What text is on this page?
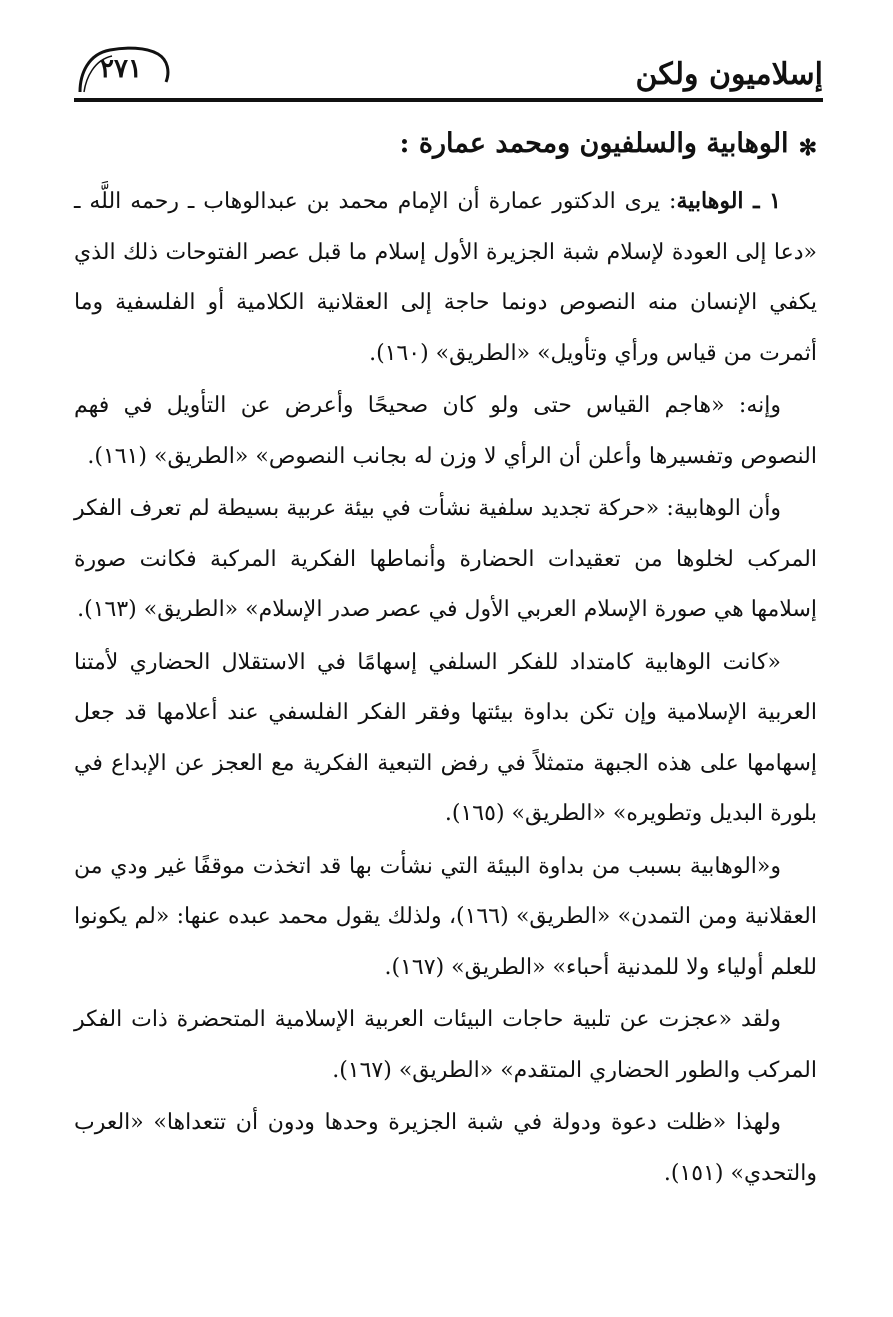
إسلاميون ولكن
٢٧١
✻
الوهابية والسلفيون ومحمد عمارة :

١ ـ الوهابية: يرى الدكتور عمارة أن الإمام محمد بن عبدالوهاب ـ رحمه اللَّه ـ «دعا إلى العودة لإسلام شبة الجزيرة الأول إسلام ما قبل عصر الفتوحات ذلك الذي يكفي الإنسان منه النصوص دونما حاجة إلى العقلانية الكلامية أو الفلسفية وما أثمرت من قياس ورأي وتأويل» «الطريق» (١٦٠).

وإنه: «هاجم القياس حتى ولو كان صحيحًا وأعرض عن التأويل في فهم النصوص وتفسيرها وأعلن أن الرأي لا وزن له بجانب النصوص» «الطريق» (١٦١).

وأن الوهابية: «حركة تجديد سلفية نشأت في بيئة عربية بسيطة لم تعرف الفكر المركب لخلوها من تعقيدات الحضارة وأنماطها الفكرية المركبة فكانت صورة إسلامها هي صورة الإسلام العربي الأول في عصر صدر الإسلام» «الطريق» (١٦٣).

«كانت الوهابية كامتداد للفكر السلفي إسهامًا في الاستقلال الحضاري لأمتنا العربية الإسلامية وإن تكن بداوة بيئتها وفقر الفكر الفلسفي عند أعلامها قد جعل إسهامها على هذه الجبهة متمثلاً في رفض التبعية الفكرية مع العجز عن الإبداع في بلورة البديل وتطويره» «الطريق» (١٦٥).

و«الوهابية بسبب من بداوة البيئة التي نشأت بها قد اتخذت موقفًا غير ودي من العقلانية ومن التمدن» «الطريق» (١٦٦)، ولذلك يقول محمد عبده عنها: «لم يكونوا للعلم أولياء ولا للمدنية أحباء» «الطريق» (١٦٧).

ولقد «عجزت عن تلبية حاجات البيئات العربية الإسلامية المتحضرة ذات الفكر المركب والطور الحضاري المتقدم» «الطريق» (١٦٧).

ولهذا «ظلت دعوة ودولة في شبة الجزيرة وحدها ودون أن تتعداها» «العرب والتحدي» (١٥١).
